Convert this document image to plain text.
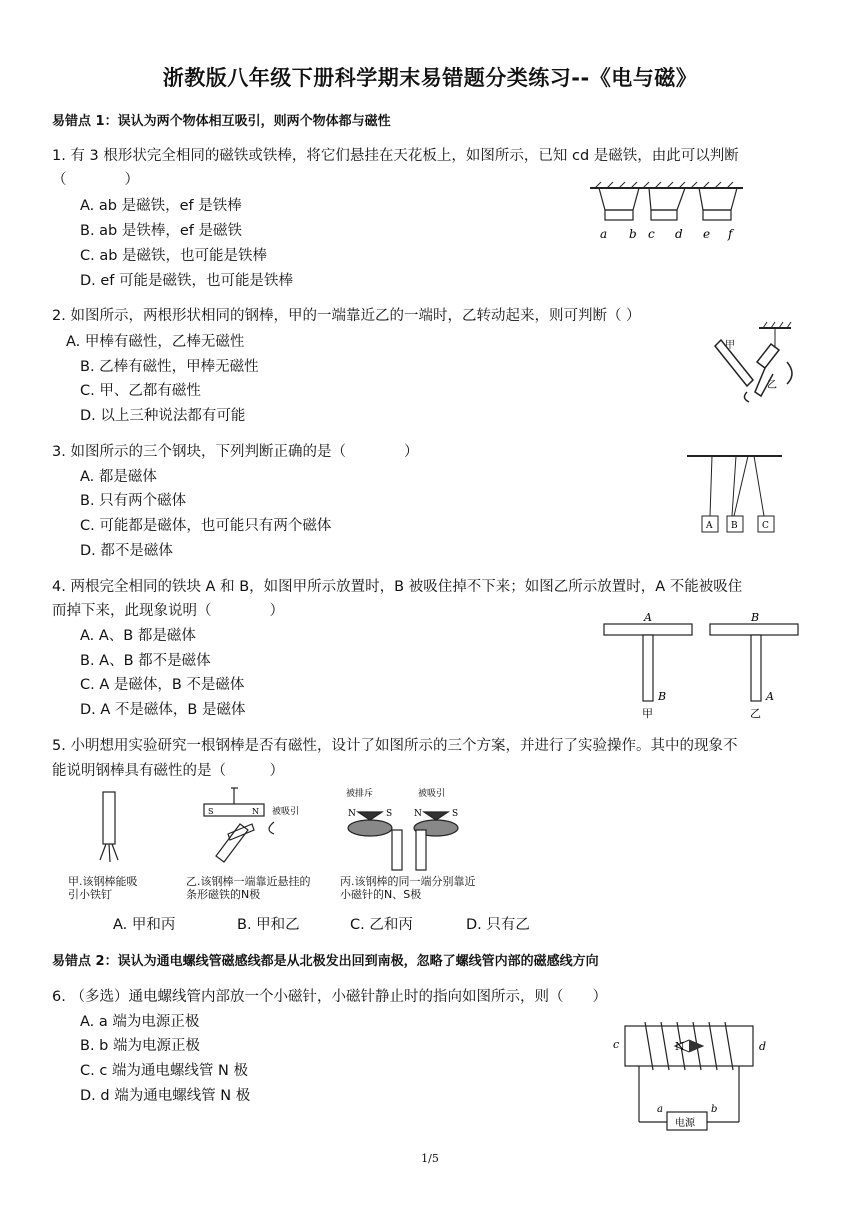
浙教版八年级下册科学期末易错题分类练习--《电与磁》
易错点 1：误认为两个物体相互吸引，则两个物体都与磁性
1. 有 3 根形状完全相同的磁铁或铁棒，将它们悬挂在天花板上，如图所示，已知 cd 是磁铁，由此可以判断
（　　　　）
A. ab 是磁铁，ef 是铁棒
B. ab 是铁棒，ef 是磁铁
C. ab 是磁铁，也可能是铁棒
D. ef 可能是磁铁，也可能是铁棒
a b c d e f
2. 如图所示，两根形状相同的钢棒，甲的一端靠近乙的一端时，乙转动起来，则可判断（ ）
A. 甲棒有磁性，乙棒无磁性
B. 乙棒有磁性，甲棒无磁性
C. 甲、乙都有磁性
D. 以上三种说法都有可能
甲
乙
3. 如图所示的三个钢块，下列判断正确的是（　　　　）
A. 都是磁体
B. 只有两个磁体
C. 可能都是磁体，也可能只有两个磁体
D. 都不是磁体
A B	C
4. 两根完全相同的铁块 A 和 B，如图甲所示放置时，B 被吸住掉不下来；如图乙所示放置时，A 不能被吸住
而掉下来，此现象说明（　　　　）
A. A、B 都是磁体
B. A、B 都不是磁体
C. A 是磁体，B 不是磁体
D. A 不是磁体，B 是磁体
A
B
甲
B
A
乙
5. 小明想用实验研究一根钢棒是否有磁性，设计了如图所示的三个方案，并进行了实验操作。其中的现象不
能说明钢棒具有磁性的是（　　　）
S	N 被吸引
被排斥	被吸引
N	S N	S
甲.该钢棒能吸引小铁钉
乙.该钢棒一端靠近悬挂的条形磁铁的N极
丙.该钢棒的同一端分别靠近小磁针的N、S极
A. 甲和丙	B. 甲和乙	C. 乙和丙	D. 只有乙
易错点 2：误认为通电螺线管磁感线都是从北极发出回到南极，忽略了螺线管内部的磁感线方向
6. （多选）通电螺线管内部放一个小磁针，小磁针静止时的指向如图所示，则（　　）
A. a 端为电源正极
B. b 端为电源正极
C. c 端为通电螺线管 N 极
D. d 端为通电螺线管 N 极
c	N	d
a
电源
b
1/5
